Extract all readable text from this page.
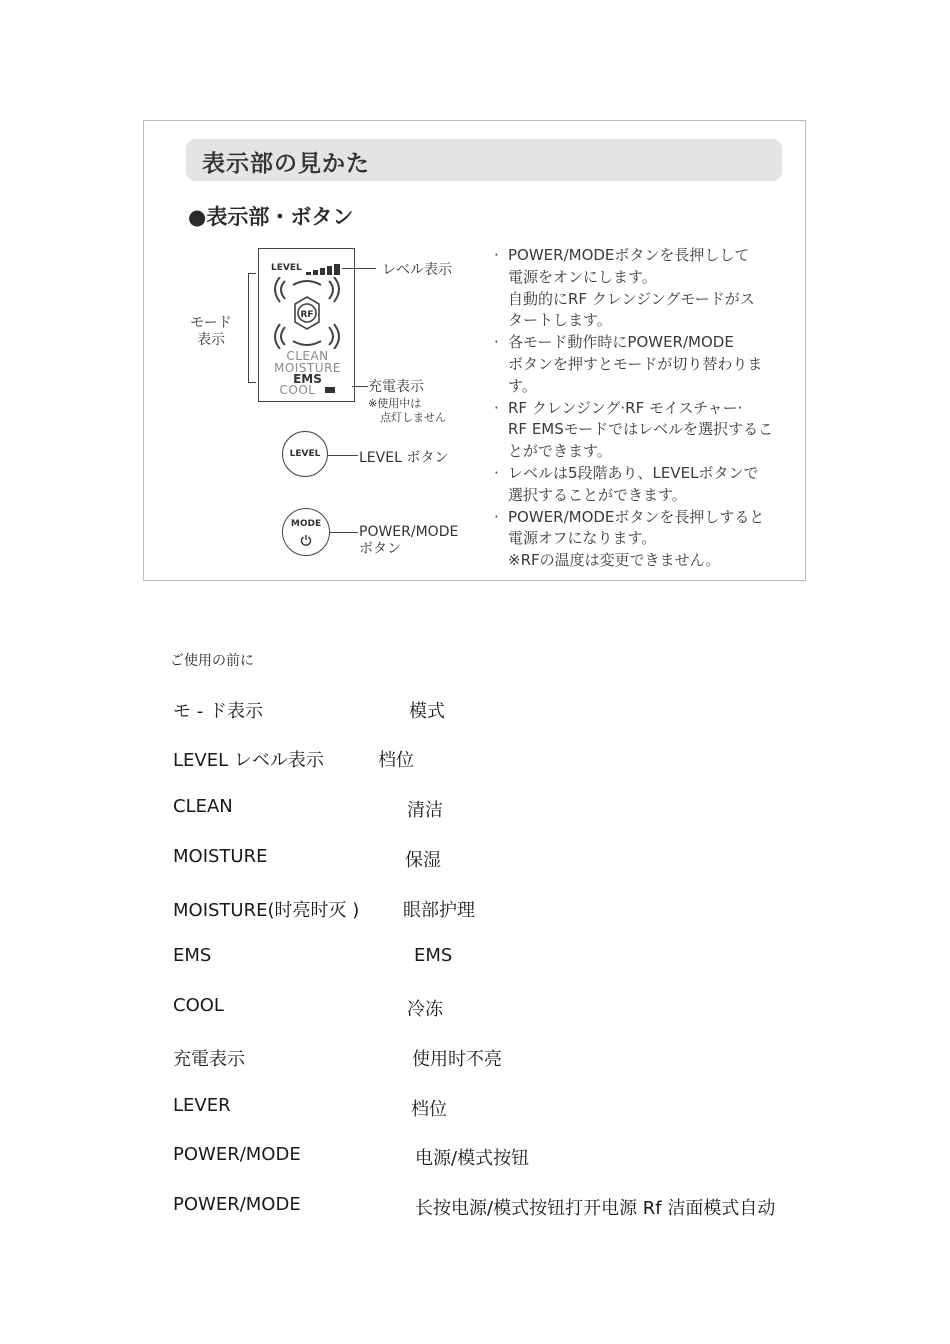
表示部の見かた
●表示部・ボタン
LEVEL
RF
CLEAN
MOISTURE
EMS
COOL
モード
表示
レベル表示
充電表示
※使用中は
点灯しません
LEVEL	LEVEL ボタン
MODE	POWER/MODE
ボタン
· POWER/MODEボタンを長押しして
電源をオンにします。
自動的にRF クレンジングモードがス
タートします。
· 各モード動作時にPOWER/MODE
ボタンを押すとモードが切り替わります。
· RF クレンジング·RF モイスチャー·
RF EMSモードではレベルを選択するこ
とができます。
· レベルは5段階あり、LEVELボタンで
選択することができます。
· POWER/MODEボタンを長押しすると
電源オフになります。
※RFの温度は変更できません。
ご使用の前に
モ - ド表示	模式
LEVEL レベル表示	档位
CLEAN	清洁
MOISTURE	保湿
MOISTURE(时亮时灭 ) 眼部护理
EMS	EMS
COOL	冷冻
充電表示	使用时不亮
LEVER	档位
POWER/MODE	电源/模式按钮
POWER/MODE	长按电源/模式按钮打开电源 Rf 洁面模式自动
